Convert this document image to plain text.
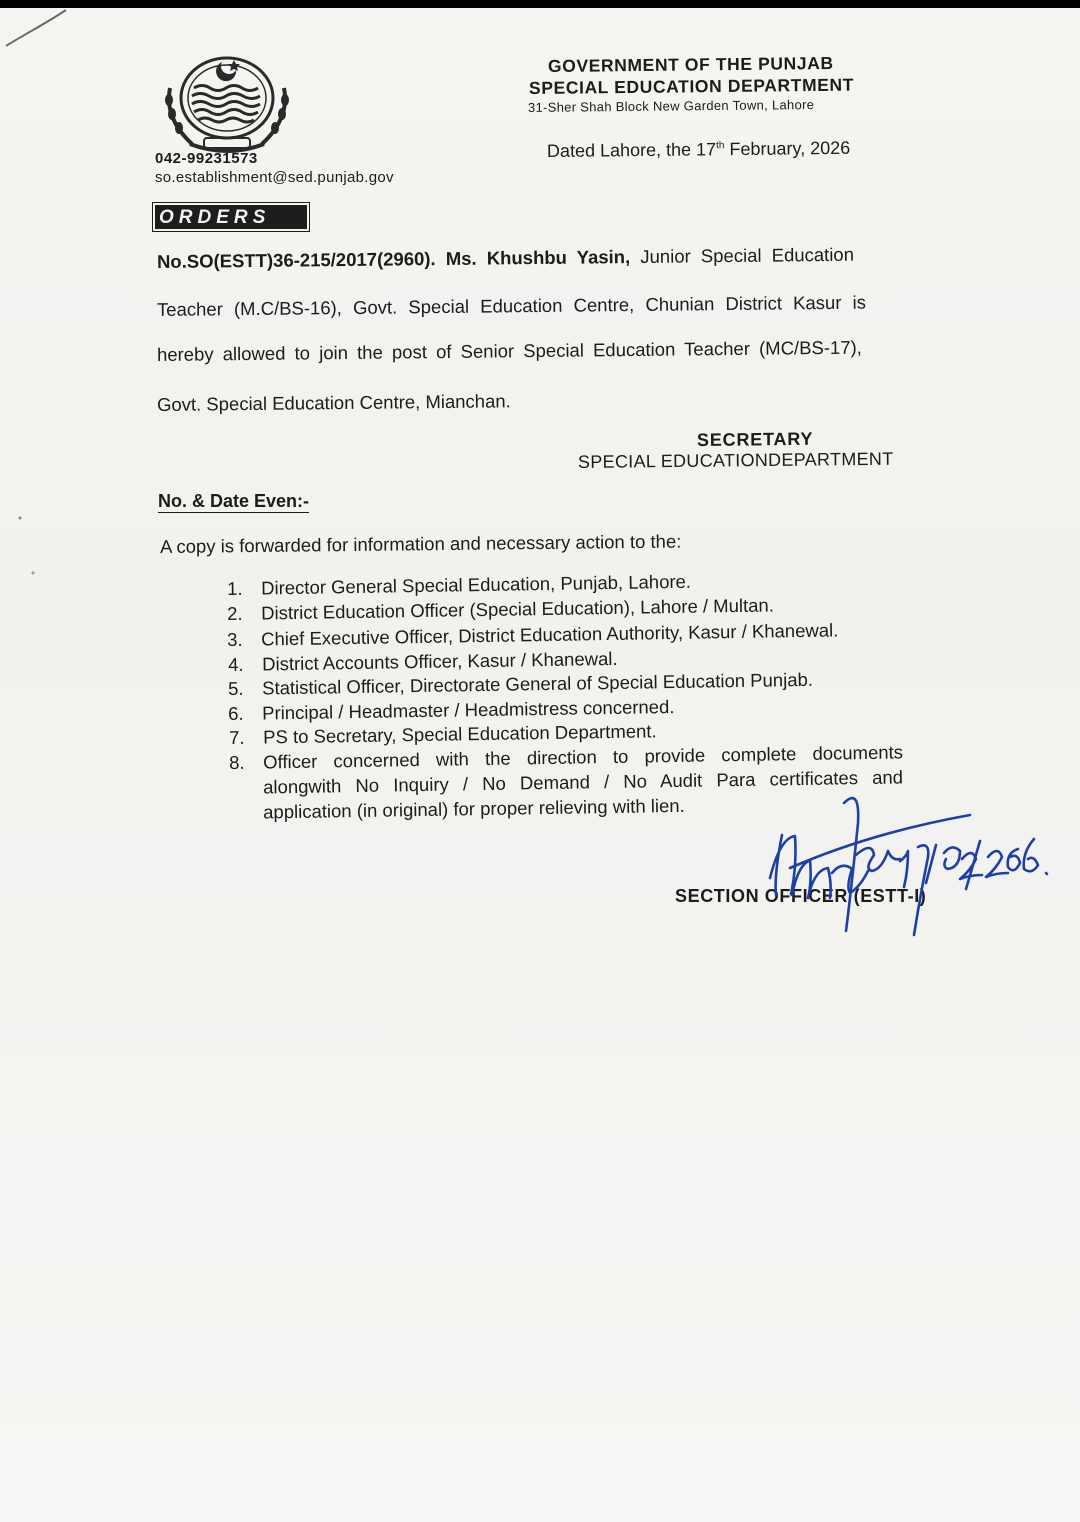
GOVERNMENT OF THE PUNJAB
SPECIAL EDUCATION DEPARTMENT
31-Sher Shah Block New Garden Town, Lahore
Dated Lahore, the 17th February, 2026
042-99231573
so.establishment@sed.punjab.gov
ORDERS
No.SO(ESTT)36-215/2017(2960). Ms. Khushbu Yasin, Junior Special Education
Teacher (M.C/BS-16), Govt. Special Education Centre, Chunian District Kasur is
hereby allowed to join the post of Senior Special Education Teacher (MC/BS-17),
Govt. Special Education Centre, Mianchan.
SECRETARY
SPECIAL EDUCATIONDEPARTMENT
No. & Date Even:-
A copy is forwarded for information and necessary action to the:
1. Director General Special Education, Punjab, Lahore.
2. District Education Officer (Special Education), Lahore / Multan.
3. Chief Executive Officer, District Education Authority, Kasur / Khanewal.
4. District Accounts Officer, Kasur / Khanewal.
5. Statistical Officer, Directorate General of Special Education Punjab.
6. Principal / Headmaster / Headmistress concerned.
7. PS to Secretary, Special Education Department.
8. Officer concerned with the direction to provide complete documents
alongwith No Inquiry / No Demand / No Audit Para certificates and
application (in original) for proper relieving with lien.
SECTION OFFICER (ESTT-I)
